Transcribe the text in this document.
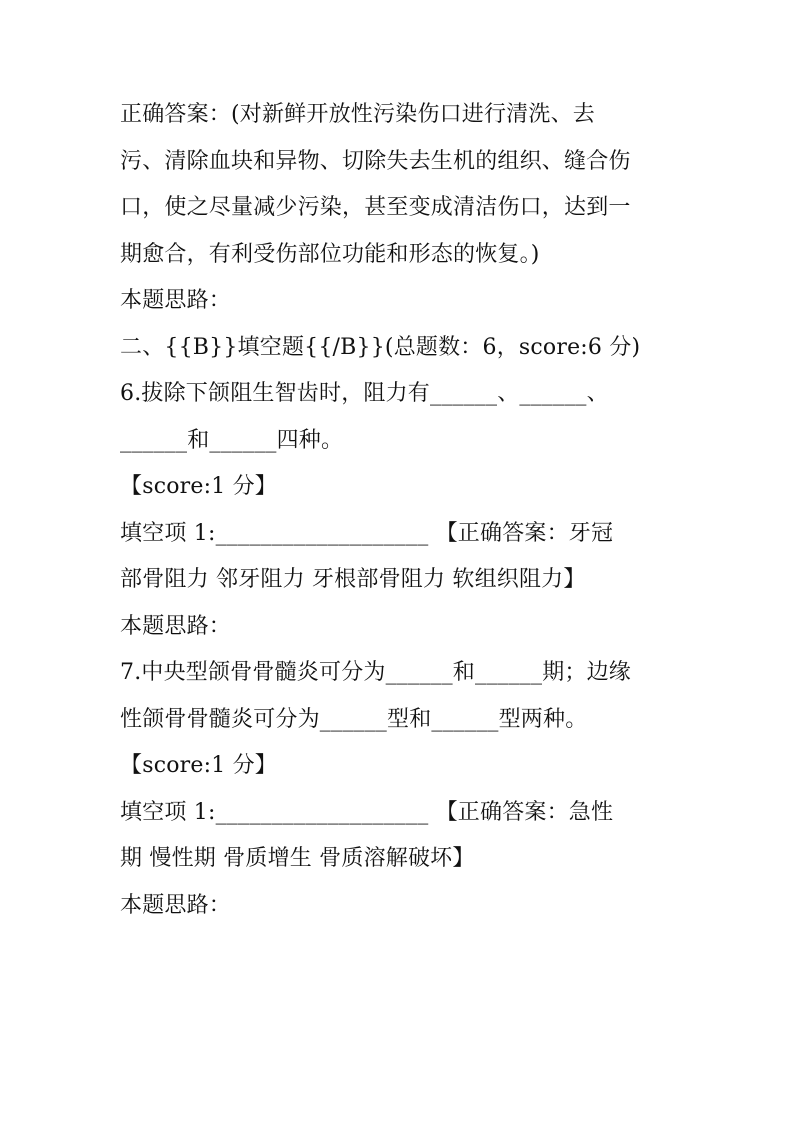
正确答案：(对新鲜开放性污染伤口进行清洗、去
污、清除血块和异物、切除失去生机的组织、缝合伤
口，使之尽量减少污染，甚至变成清洁伤口，达到一
期愈合，有利受伤部位功能和形态的恢复。)
本题思路：
二、{{B}}填空题{{/B}}(总题数：6，score:6 分)
6.拔除下颌阻生智齿时，阻力有______、______、
______和______四种。
【score:1 分】
填空项 1:___________________ 【正确答案：牙冠
部骨阻力 邻牙阻力 牙根部骨阻力 软组织阻力】
本题思路：
7.中央型颌骨骨髓炎可分为______和______期；边缘
性颌骨骨髓炎可分为______型和______型两种。
【score:1 分】
填空项 1:___________________ 【正确答案：急性
期 慢性期 骨质增生 骨质溶解破坏】
本题思路：
